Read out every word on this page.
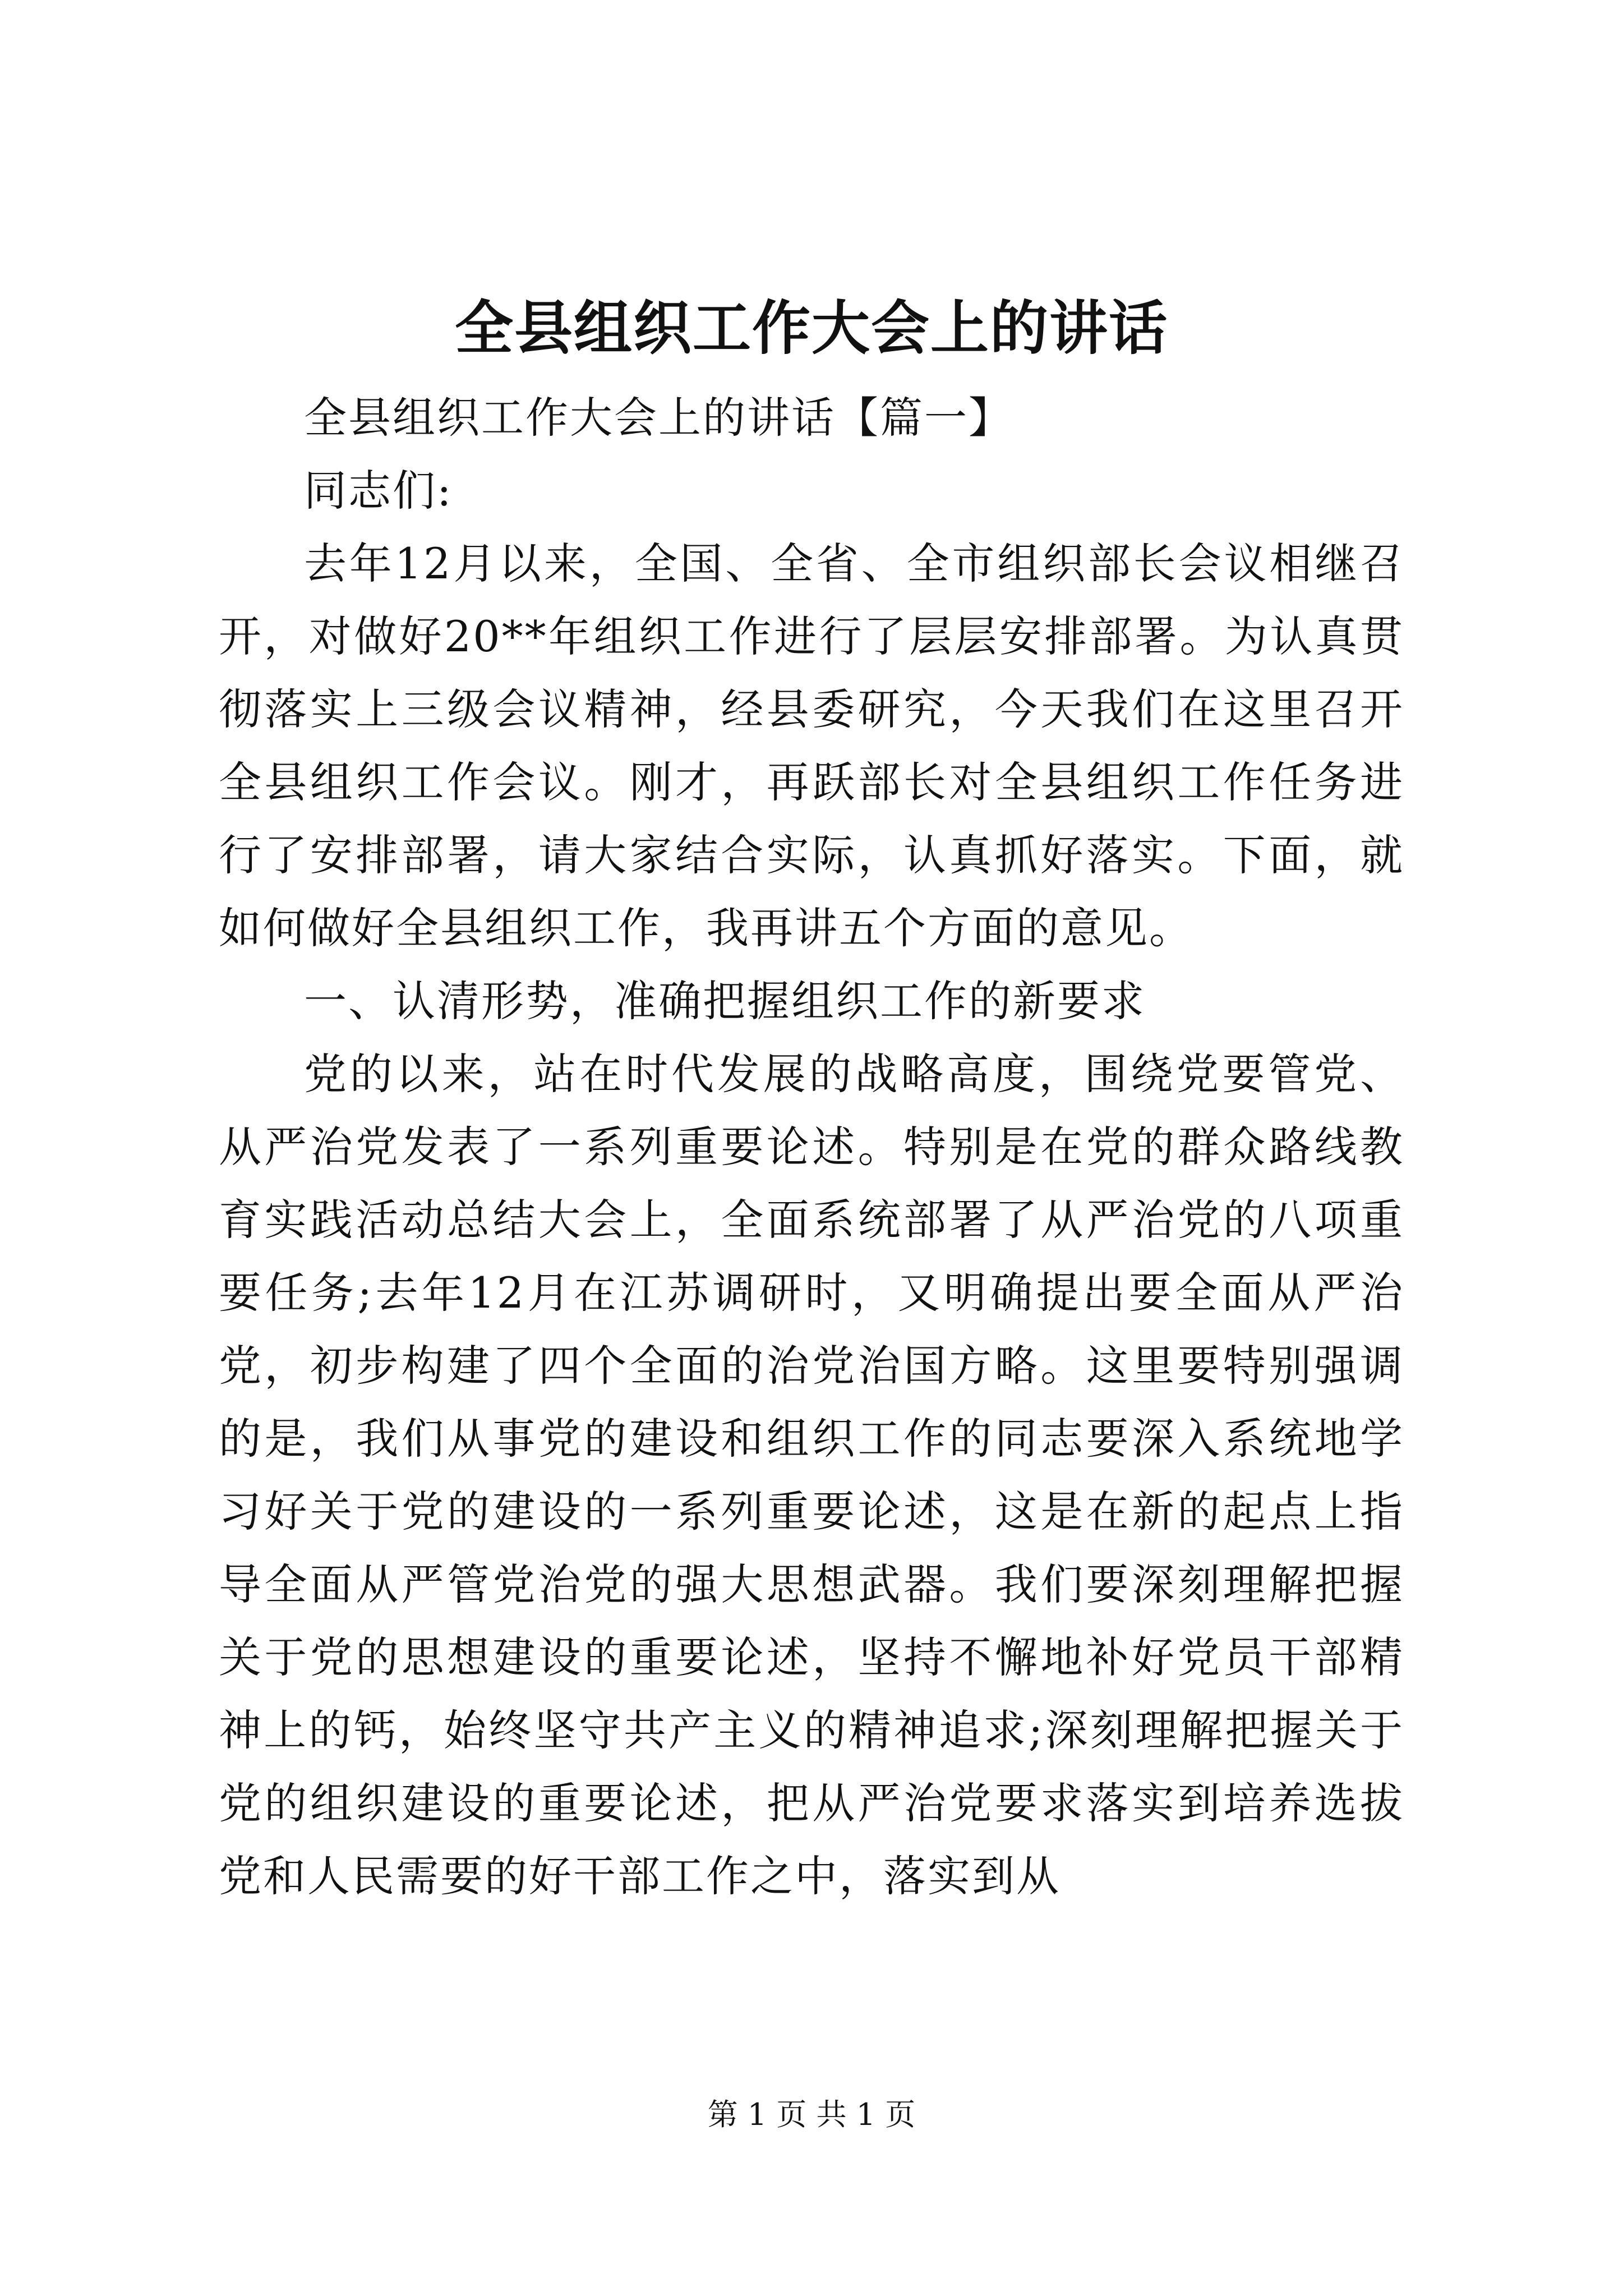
全县组织工作大会上的讲话

全县组织工作大会上的讲话【篇一】

同志们:

去年12月以来，全国、全省、全市组织部长会议相继召开，对做好20**年组织工作进行了层层安排部署。为认真贯彻落实上三级会议精神，经县委研究，今天我们在这里召开全县组织工作会议。刚才，再跃部长对全县组织工作任务进行了安排部署，请大家结合实际，认真抓好落实。下面，就如何做好全县组织工作，我再讲五个方面的意见。

一、认清形势，准确把握组织工作的新要求

党的以来，站在时代发展的战略高度，围绕党要管党、从严治党发表了一系列重要论述。特别是在党的群众路线教育实践活动总结大会上，全面系统部署了从严治党的八项重要任务;去年12月在江苏调研时，又明确提出要全面从严治党，初步构建了四个全面的治党治国方略。这里要特别强调的是，我们从事党的建设和组织工作的同志要深入系统地学习好关于党的建设的一系列重要论述，这是在新的起点上指导全面从严管党治党的强大思想武器。我们要深刻理解把握关于党的思想建设的重要论述，坚持不懈地补好党员干部精神上的钙，始终坚守共产主义的精神追求;深刻理解把握关于党的组织建设的重要论述，把从严治党要求落实到培养选拔党和人民需要的好干部工作之中，落实到从

第 1 页 共 1 页
